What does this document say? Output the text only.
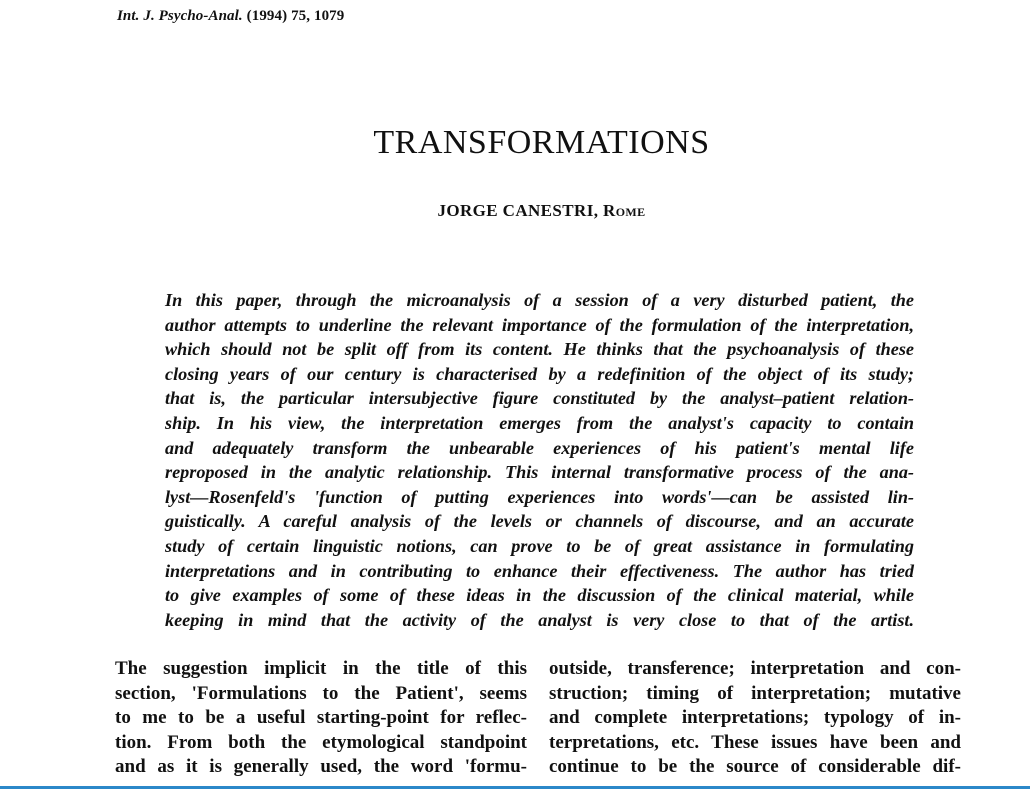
Int. J. Psycho-Anal. (1994) 75, 1079
TRANSFORMATIONS
JORGE CANESTRI, Rome
In this paper, through the microanalysis of a session of a very disturbed patient, the
author attempts to underline the relevant importance of the formulation of the interpretation,
which should not be split off from its content. He thinks that the psychoanalysis of these
closing years of our century is characterised by a redefinition of the object of its study;
that is, the particular intersubjective figure constituted by the analyst–patient relation-
ship. In his view, the interpretation emerges from the analyst's capacity to contain
and adequately transform the unbearable experiences of his patient's mental life
reproposed in the analytic relationship. This internal transformative process of the ana-
lyst—Rosenfeld's 'function of putting experiences into words'—can be assisted lin-
guistically. A careful analysis of the levels or channels of discourse, and an accurate
study of certain linguistic notions, can prove to be of great assistance in formulating
interpretations and in contributing to enhance their effectiveness. The author has tried
to give examples of some of these ideas in the discussion of the clinical material, while
keeping in mind that the activity of the analyst is very close to that of the artist.
The suggestion implicit in the title of this
section, 'Formulations to the Patient', seems
to me to be a useful starting-point for reflec-
tion. From both the etymological standpoint
and as it is generally used, the word 'formu-
outside, transference; interpretation and con-
struction; timing of interpretation; mutative
and complete interpretations; typology of in-
terpretations, etc. These issues have been and
continue to be the source of considerable dif-
